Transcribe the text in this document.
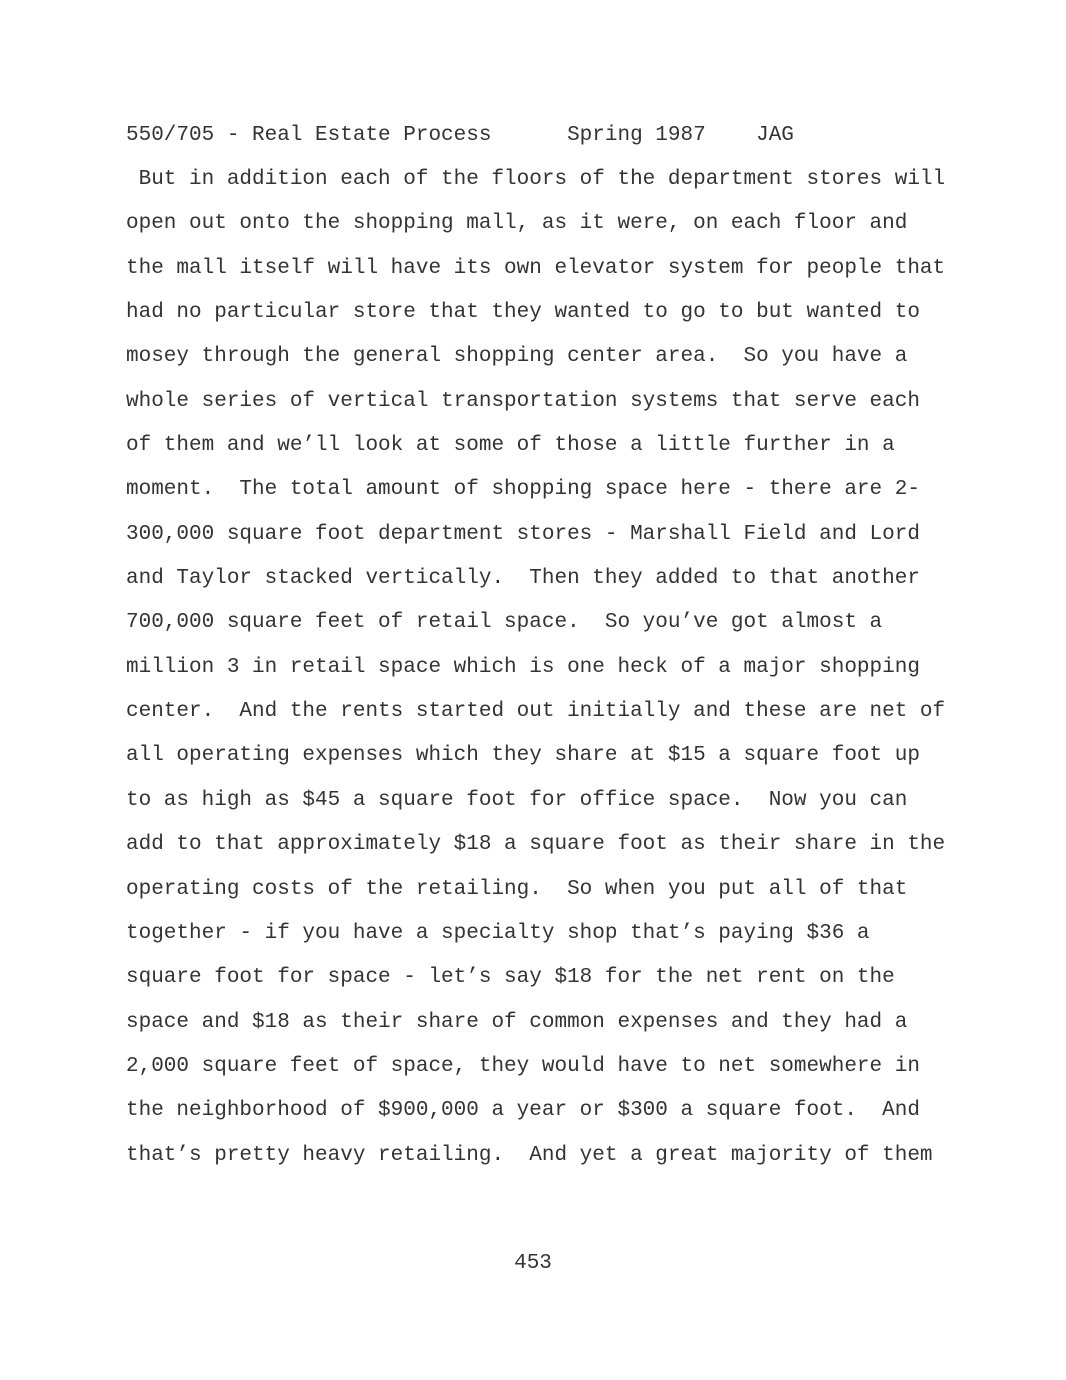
550/705 - Real Estate Process      Spring 1987    JAG
But in addition each of the floors of the department stores will
open out onto the shopping mall, as it were, on each floor and
the mall itself will have its own elevator system for people that
had no particular store that they wanted to go to but wanted to
mosey through the general shopping center area.  So you have a
whole series of vertical transportation systems that serve each
of them and we’ll look at some of those a little further in a
moment.  The total amount of shopping space here - there are 2-
300,000 square foot department stores - Marshall Field and Lord
and Taylor stacked vertically.  Then they added to that another
700,000 square feet of retail space.  So you’ve got almost a
million 3 in retail space which is one heck of a major shopping
center.  And the rents started out initially and these are net of
all operating expenses which they share at $15 a square foot up
to as high as $45 a square foot for office space.  Now you can
add to that approximately $18 a square foot as their share in the
operating costs of the retailing.  So when you put all of that
together - if you have a specialty shop that’s paying $36 a
square foot for space - let’s say $18 for the net rent on the
space and $18 as their share of common expenses and they had a
2,000 square feet of space, they would have to net somewhere in
the neighborhood of $900,000 a year or $300 a square foot.  And
that’s pretty heavy retailing.  And yet a great majority of them
453
